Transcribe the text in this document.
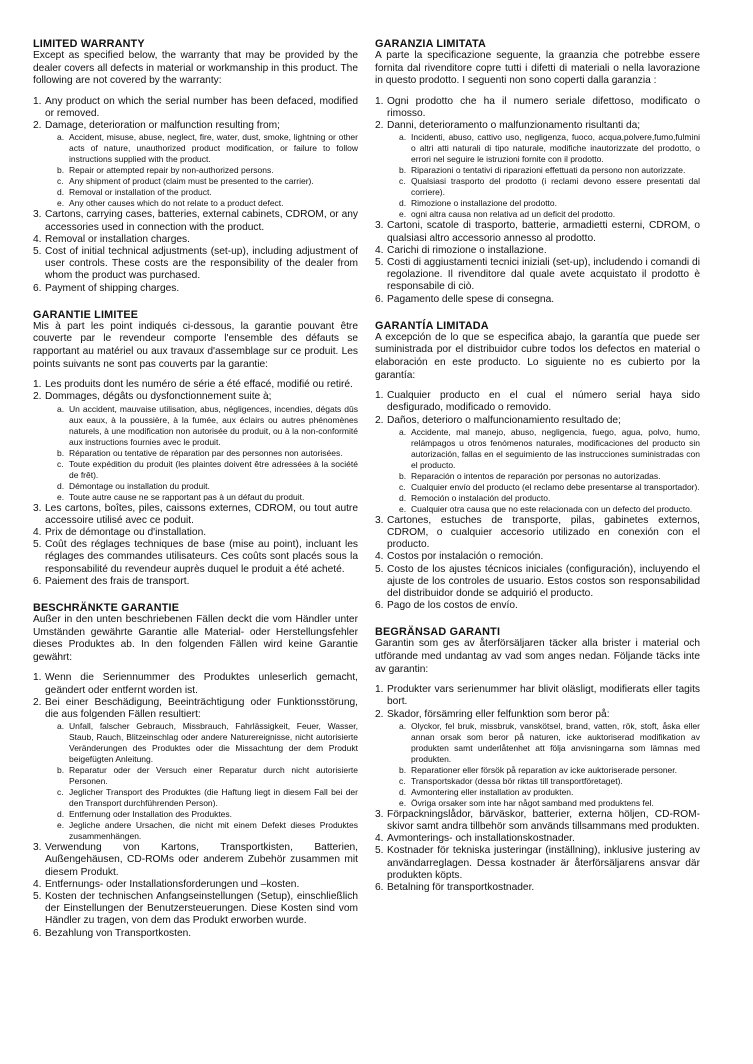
LIMITED WARRANTY

Except as specified below, the warranty that may be provided by the dealer covers all defects in material or workmanship in this product. The following are not covered by the warranty:

1. Any product on which the serial number has been defaced, modified or removed.
2. Damage, deterioration or malfunction resulting from;
a. Accident, misuse, abuse, neglect, fire, water, dust, smoke, lightning or other acts of nature, unauthorized product modification, or failure to follow instructions supplied with the product.
b. Repair or attempted repair by non-authorized persons.
c. Any shipment of product (claim must be presented to the carrier).
d. Removal or installation of the product.
e. Any other causes which do not relate to a product defect.
3. Cartons, carrying cases, batteries, external cabinets, CDROM, or any accessories used in connection with the product.
4. Removal or installation charges.
5. Cost of initial technical adjustments (set-up), including adjustment of user controls. These costs are the responsibility of the dealer from whom the product was purchased.
6. Payment of shipping charges.
GARANTIE LIMITEE

Mis à part les point indiqués ci-dessous, la garantie pouvant être couverte par le revendeur comporte l'ensemble des défauts se rapportant au matériel ou aux travaux d'assemblage sur ce produit. Les points suivants ne sont pas couverts par la garantie:

1. Les produits dont les numéro de série a été effacé, modifié ou retiré.
2. Dommages, dégâts ou dysfonctionnement suite à;
a. Un accident, mauvaise utilisation, abus, négligences, incendies, dégats dûs aux eaux, à la poussière, à la fumée, aux éclairs ou autres phénomènes naturels, à une modification non autorisée du produit, ou à la non-conformité aux instructions fournies avec le produit.
b. Réparation ou tentative de réparation par des personnes non autorisées.
c. Toute expédition du produit (les plaintes doivent être adressées à la société de frêt).
d. Démontage ou installation du produit.
e. Toute autre cause ne se rapportant pas à un défaut du produit.
3. Les cartons, boîtes, piles, caissons externes, CDROM, ou tout autre accessoire utilisé avec ce poduit.
4. Prix de démontage ou d'installation.
5. Coût des réglages techniques de base (mise au point), incluant les réglages des commandes utilisateurs. Ces coûts sont placés sous la responsabilité du revendeur auprès duquel le produit a été acheté.
6. Paiement des frais de transport.
BESCHRÄNKTE GARANTIE

Außer in den unten beschriebenen Fällen deckt die vom Händler unter Umständen gewährte Garantie alle Material- oder Herstellungsfehler dieses Produktes ab. In den folgenden Fällen wird keine Garantie gewährt:

1. Wenn die Seriennummer des Produktes unleserlich gemacht, geändert oder entfernt worden ist.
2. Bei einer Beschädigung, Beeinträchtigung oder Funktionsstörung, die aus folgenden Fällen resultiert:
a. Unfall, falscher Gebrauch, Missbrauch, Fahrlässigkeit, Feuer, Wasser, Staub, Rauch, Blitzeinschlag oder andere Naturereignisse, nicht autorisierte Veränderungen des Produktes oder die Missachtung der dem Produkt beigefügten Anleitung.
b. Reparatur oder der Versuch einer Reparatur durch nicht autorisierte Personen.
c. Jeglicher Transport des Produktes (die Haftung liegt in diesem Fall bei der den Transport durchführenden Person).
d. Entfernung oder Installation des Produktes.
e. Jegliche andere Ursachen, die nicht mit einem Defekt dieses Produktes zusammenhängen.
3. Verwendung von Kartons, Transportkisten, Batterien, Außengehäusen, CD-ROMs oder anderem Zubehör zusammen mit diesem Produkt.
4. Entfernungs- oder Installationsforderungen und –kosten.
5. Kosten der technischen Anfangseinstellungen (Setup), einschließlich der Einstellungen der Benutzersteuerungen. Diese Kosten sind vom Händler zu tragen, von dem das Produkt erworben wurde.
6. Bezahlung von Transportkosten.
GARANZIA LIMITATA

A parte la specificazione seguente, la graanzia che potrebbe essere fornita dal rivenditore copre tutti i difetti di materiali o nella lavorazione in questo prodotto. I seguenti non sono coperti dalla garanzia :

1. Ogni prodotto che ha il numero seriale difettoso, modificato o rimosso.
2. Danni, deterioramento o malfunzionamento risultanti da;
a. Incidenti, abuso, cattivo uso, negligenza, fuoco, acqua,polvere,fumo,fulmini o altri atti naturali di tipo naturale, modifiche inautorizzate del prodotto, o errori nel seguire le istruzioni fornite con il prodotto.
b. Riparazioni o tentativi di riparazioni effettuati da persono non autorizzate.
c. Qualsiasi trasporto del prodotto (i reclami devono essere presentati dal corriere).
d. Rimozione o installazione del prodotto.
e. ogni altra causa non relativa ad un deficit del prodotto.
3. Cartoni, scatole di trasporto, batterie, armadietti esterni, CDROM, o qualsiasi altro accessorio annesso al prodotto.
4. Carichi di rimozione o installazione.
5. Costi di aggiustamenti tecnici iniziali (set-up), includendo i comandi di regolazione. Il rivenditore dal quale avete acquistato il prodotto è responsabile di ciò.
6. Pagamento delle spese di consegna.
GARANTÍA LIMITADA

A excepción de lo que se especifica abajo, la garantía que puede ser suministrada por el distribuidor cubre todos los defectos en material o elaboración en este producto. Lo siguiente no es cubierto por la garantía:

1. Cualquier producto en el cual el número serial haya sido desfigurado, modificado o removido.
2. Daños, deterioro o malfuncionamiento resultado de;
a. Accidente, mal manejo, abuso, negligencia, fuego, agua, polvo, humo, relámpagos u otros fenómenos naturales, modificaciones del producto sin autorización, fallas en el seguimiento de las instrucciones suministradas con el producto.
b. Reparación o intentos de reparación por personas no autorizadas.
c. Cualquier envío del producto (el reclamo debe presentarse al transportador).
d. Remoción o instalación del producto.
e. Cualquier otra causa que no este relacionada con un defecto del producto.
3. Cartones, estuches de transporte, pilas, gabinetes externos, CDROM, o cualquier accesorio utilizado en conexión con el producto.
4. Costos por instalación o remoción.
5. Costo de los ajustes técnicos iniciales (configuración), incluyendo el ajuste de los controles de usuario. Estos costos son responsabilidad del distribuidor donde se adquirió el producto.
6. Pago de los costos de envío.
BEGRÄNSAD GARANTI

Garantin som ges av återförsäljaren täcker alla brister i material och utförande med undantag av vad som anges nedan. Följande täcks inte av garantin:

1. Produkter vars serienummer har blivit oläsligt, modifierats eller tagits bort.
2. Skador, försämring eller felfunktion som beror på:
a. Olyckor, fel bruk, missbruk, vanskötsel, brand, vatten, rök, stoft, åska eller annan orsak som beror på naturen, icke auktoriserad modifikation av produkten samt underlåtenhet att följa anvisningarna som lämnas med produkten.
b. Reparationer eller försök på reparation av icke auktoriserade personer.
c. Transportskador (dessa bör riktas till transportföretaget).
d. Avmontering eller installation av produkten.
e. Övriga orsaker som inte har något samband med produktens fel.
3. Förpackningslådor, bärväskor, batterier, externa höljen, CD-ROM-skivor samt andra tillbehör som används tillsammans med produkten.
4. Avmonterings- och installationskostnader.
5. Kostnader för tekniska justeringar (inställning), inklusive justering av användarreglagen. Dessa kostnader är återförsäljarens ansvar där produkten köpts.
6. Betalning för transportkostnader.
